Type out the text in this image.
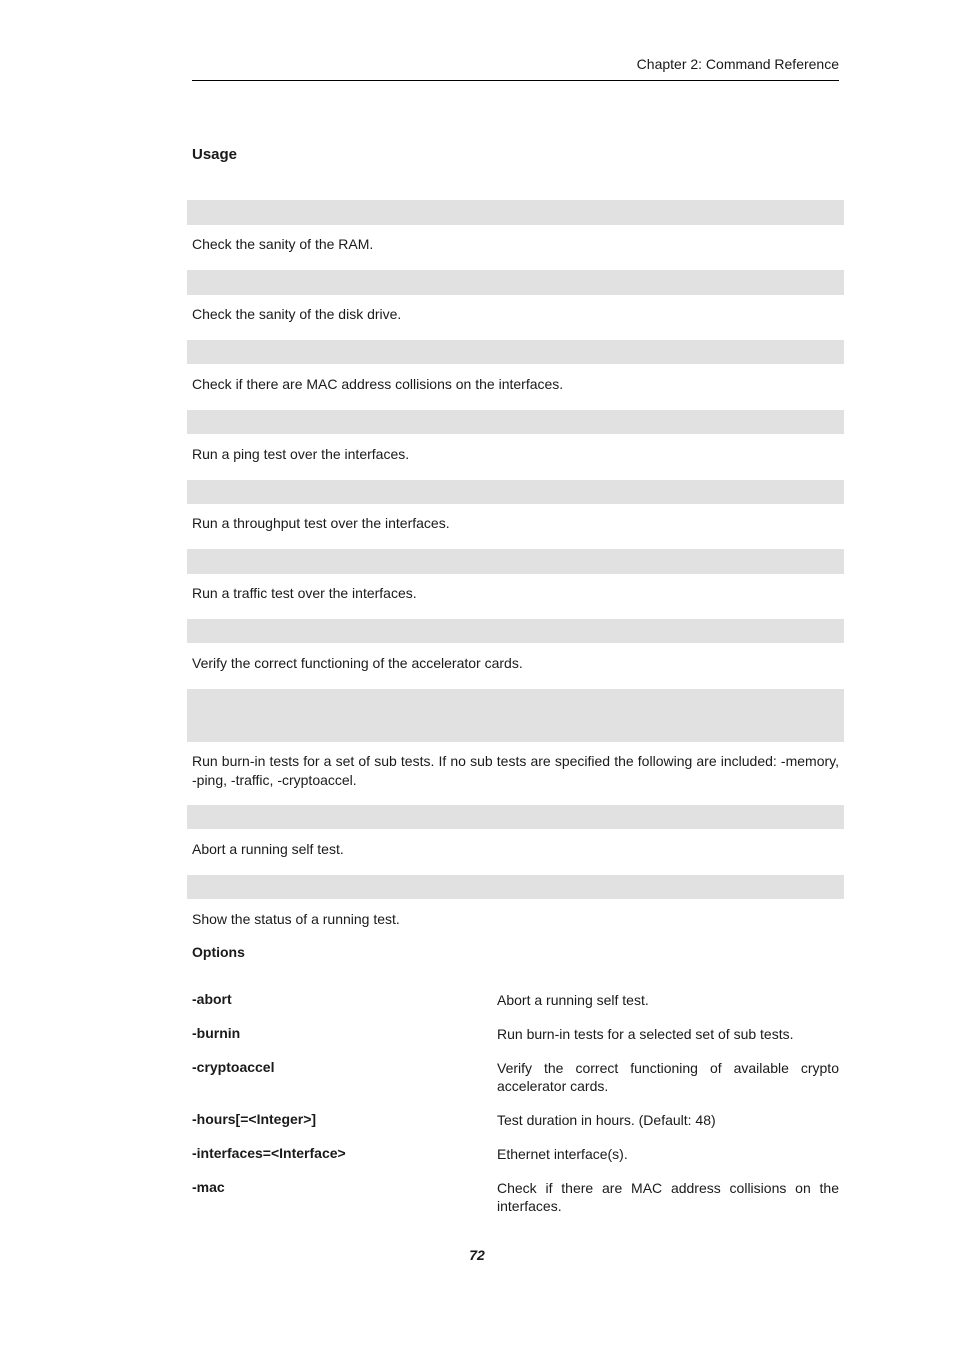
Chapter 2: Command Reference
Usage
Check the sanity of the RAM.
Check the sanity of the disk drive.
Check if there are MAC address collisions on the interfaces.
Run a ping test over the interfaces.
Run a throughput test over the interfaces.
Run a traffic test over the interfaces.
Verify the correct functioning of the accelerator cards.
Run burn-in tests for a set of sub tests. If no sub tests are specified the following are included: -memory, -ping, -traffic, -cryptoaccel.
Abort a running self test.
Show the status of a running test.
Options
-abort	Abort a running self test.
-burnin	Run burn-in tests for a selected set of sub tests.
-cryptoaccel	Verify the correct functioning of available crypto accelerator cards.
-hours[=<Integer>]	Test duration in hours. (Default: 48)
-interfaces=<Interface>	Ethernet interface(s).
-mac	Check if there are MAC address collisions on the interfaces.
72
